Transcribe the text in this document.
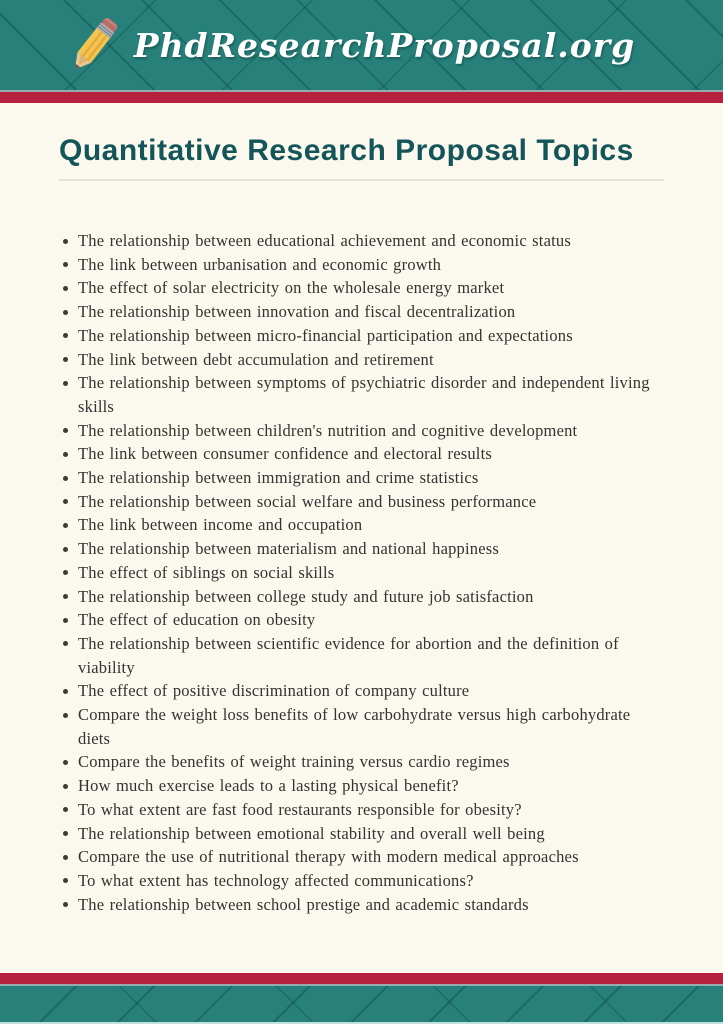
PhdResearchProposal.org
Quantitative Research Proposal Topics
The relationship between educational achievement and economic status
The link between urbanisation and economic growth
The effect of solar electricity on the wholesale energy market
The relationship between innovation and fiscal decentralization
The relationship between micro-financial participation and expectations
The link between debt accumulation and retirement
The relationship between symptoms of psychiatric disorder and independent living skills
The relationship between children's nutrition and cognitive development
The link between consumer confidence and electoral results
The relationship between immigration and crime statistics
The relationship between social welfare and business performance
The link between income and occupation
The relationship between materialism and national happiness
The effect of siblings on social skills
The relationship between college study and future job satisfaction
The effect of education on obesity
The relationship between scientific evidence for abortion and the definition of viability
The effect of positive discrimination of company culture
Compare the weight loss benefits of low carbohydrate versus high carbohydrate diets
Compare the benefits of weight training versus cardio regimes
How much exercise leads to a lasting physical benefit?
To what extent are fast food restaurants responsible for obesity?
The relationship between emotional stability and overall well being
Compare the use of nutritional therapy with modern medical approaches
To what extent has technology affected communications?
The relationship between school prestige and academic standards
